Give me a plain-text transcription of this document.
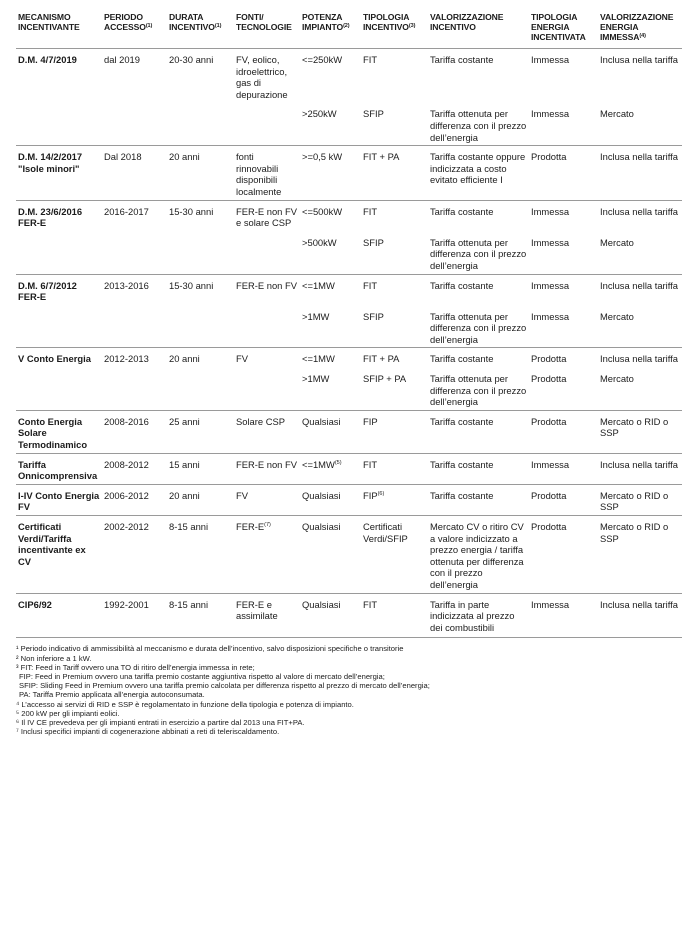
MECANISMO INCENTIVANTE	PERIODO ACCESSO$^{(1)}$	DURATA INCENTIVO$^{(1)}$	FONTI/ TECNOLOGIE	POTENZA IMPIANTO$^{(2)}$	TIPOLOGIA INCENTIVO$^{(3)}$	VALORIZZAZIONE INCENTIVO	TIPOLOGIA ENERGIA INCENTIVATA	VALORIZZAZIONE ENERGIA IMMESSA$^{(4)}$
D.M. 4/7/2019	dal 2019	20-30 anni	FV, eolico, idroelettrico, gas di depurazione	<=250kW	FIT	Tariffa costante	Immessa	Inclusa nella tariffa
				>250kW	SFIP	Tariffa ottenuta per differenza con il prezzo dell’energia	Immessa	Mercato
D.M. 14/2/2017 "Isole minori"	Dal 2018	20 anni	fonti rinnovabili disponibili localmente	>=0,5 kW	FIT + PA	Tariffa costante oppure indicizzata a costo evitato efficiente I	Prodotta	Inclusa nella tariffa
D.M. 23/6/2016 FER-E	2016-2017	15-30 anni	FER-E non FV e solare CSP	<=500kW	FIT	Tariffa costante	Immessa	Inclusa nella tariffa
				>500kW	SFIP	Tariffa ottenuta per differenza con il prezzo dell’energia	Immessa	Mercato
D.M. 6/7/2012 FER-E	2013-2016	15-30 anni	FER-E non FV	<=1MW	FIT	Tariffa costante	Immessa	Inclusa nella tariffa
				>1MW	SFIP	Tariffa ottenuta per differenza con il prezzo dell’energia	Immessa	Mercato
V Conto Energia	2012-2013	20 anni	FV	<=1MW	FIT + PA	Tariffa costante	Prodotta	Inclusa nella tariffa
				>1MW	SFIP + PA	Tariffa ottenuta per differenza con il prezzo dell’energia	Prodotta	Mercato
Conto Energia Solare Termodinamico	2008-2016	25 anni	Solare CSP	Qualsiasi	FIP	Tariffa costante	Prodotta	Mercato o RID o SSP
Tariffa Onnicomprensiva	2008-2012	15 anni	FER-E non FV	$<=1MW^{(5)}$	FIT	Tariffa costante	Immessa	Inclusa nella tariffa
I-IV Conto Energia FV	2006-2012	20 anni	FV	Qualsiasi	FIP$^{(6)}$	Tariffa costante	Prodotta	Mercato o RID o SSP
Certificati Verdi/Tariffa incentivante ex CV	2002-2012	8-15 anni	FER-$E^{(7)}$	Qualsiasi	Certificati Verdi/SFIP	Mercato CV o ritiro CV a valore indicizzato a prezzo energia / tariffa ottenuta per differenza con il prezzo dell’energia	Prodotta	Mercato o RID o SSP
CIP6/92	1992-2001	8-15 anni	FER-E e assimilate	Qualsiasi	FIT	Tariffa in parte indicizzata al prezzo dei combustibili	Immessa	Inclusa nella tariffa
¹ Periodo indicativo di ammissibilità al meccanismo e durata dell’incentivo, salvo disposizioni specifiche o transitorie
² Non inferiore a 1 kW.
³ FIT: Feed in Tariff ovvero una TO di ritiro dell’energia immessa in rete;
FIP: Feed in Premium ovvero una tariffa premio costante aggiuntiva rispetto al valore di mercato dell’energia;
SFIP: Sliding Feed in Premium ovvero una tariffa premio calcolata per differenza rispetto al prezzo di mercato dell’energia;
PA: Tariffa Premio applicata all’energia autoconsumata.
⁴ L’accesso ai servizi di RID e SSP è regolamentato in funzione della tipologia e potenza di impianto.
⁵ 200 kW per gli impianti eolici.
⁶ Il IV CE prevedeva per gli impianti entrati in esercizio a partire dal 2013 una FIT+PA.
⁷ Inclusi specifici impianti di cogenerazione abbinati a reti di teleriscaldamento.
